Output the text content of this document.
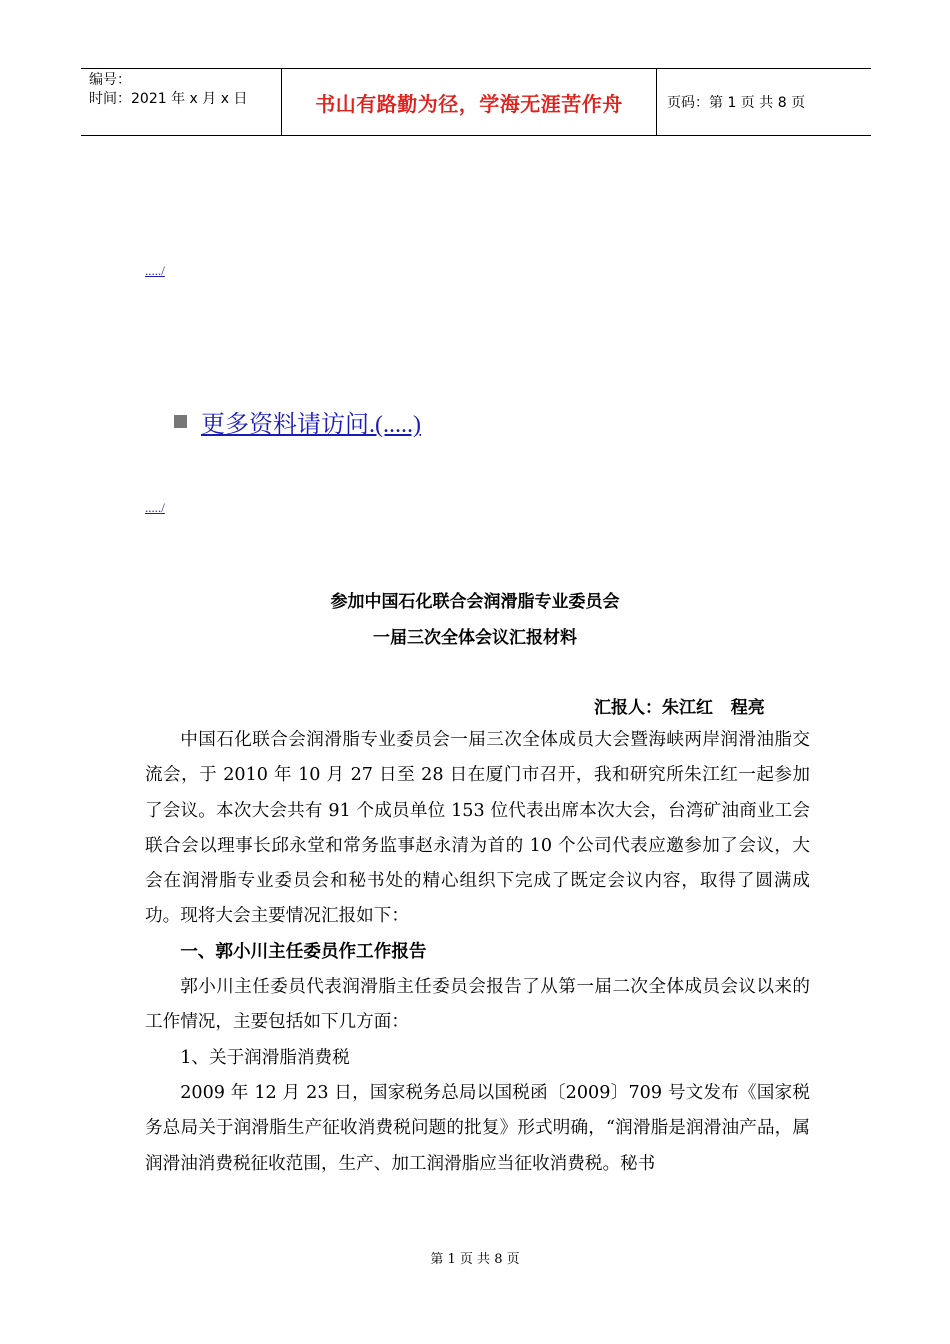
编号：
时间：2021 年 x 月 x 日	书山有路勤为径，学海无涯苦作舟	页码：第 1 页 共 8 页
...../
更多资料请访问.(.....)
...../
参加中国石化联合会润滑脂专业委员会
一届三次全体会议汇报材料
汇报人：朱江红   程亮

中国石化联合会润滑脂专业委员会一届三次全体成员大会暨海峡两岸润滑油脂交流会，于 2010 年 10 月 27 日至 28 日在厦门市召开，我和研究所朱江红一起参加了会议。本次大会共有 91 个成员单位 153 位代表出席本次大会，台湾矿油商业工会联合会以理事长邱永堂和常务监事赵永清为首的 10 个公司代表应邀参加了会议，大会在润滑脂专业委员会和秘书处的精心组织下完成了既定会议内容，取得了圆满成功。现将大会主要情况汇报如下：

一、郭小川主任委员作工作报告

郭小川主任委员代表润滑脂主任委员会报告了从第一届二次全体成员会议以来的工作情况，主要包括如下几方面：

1、关于润滑脂消费税

2009 年 12 月 23 日，国家税务总局以国税函〔2009〕709 号文发布《国家税务总局关于润滑脂生产征收消费税问题的批复》形式明确，“润滑脂是润滑油产品，属润滑油消费税征收范围，生产、加工润滑脂应当征收消费税。秘书

第 1 页 共 8 页
